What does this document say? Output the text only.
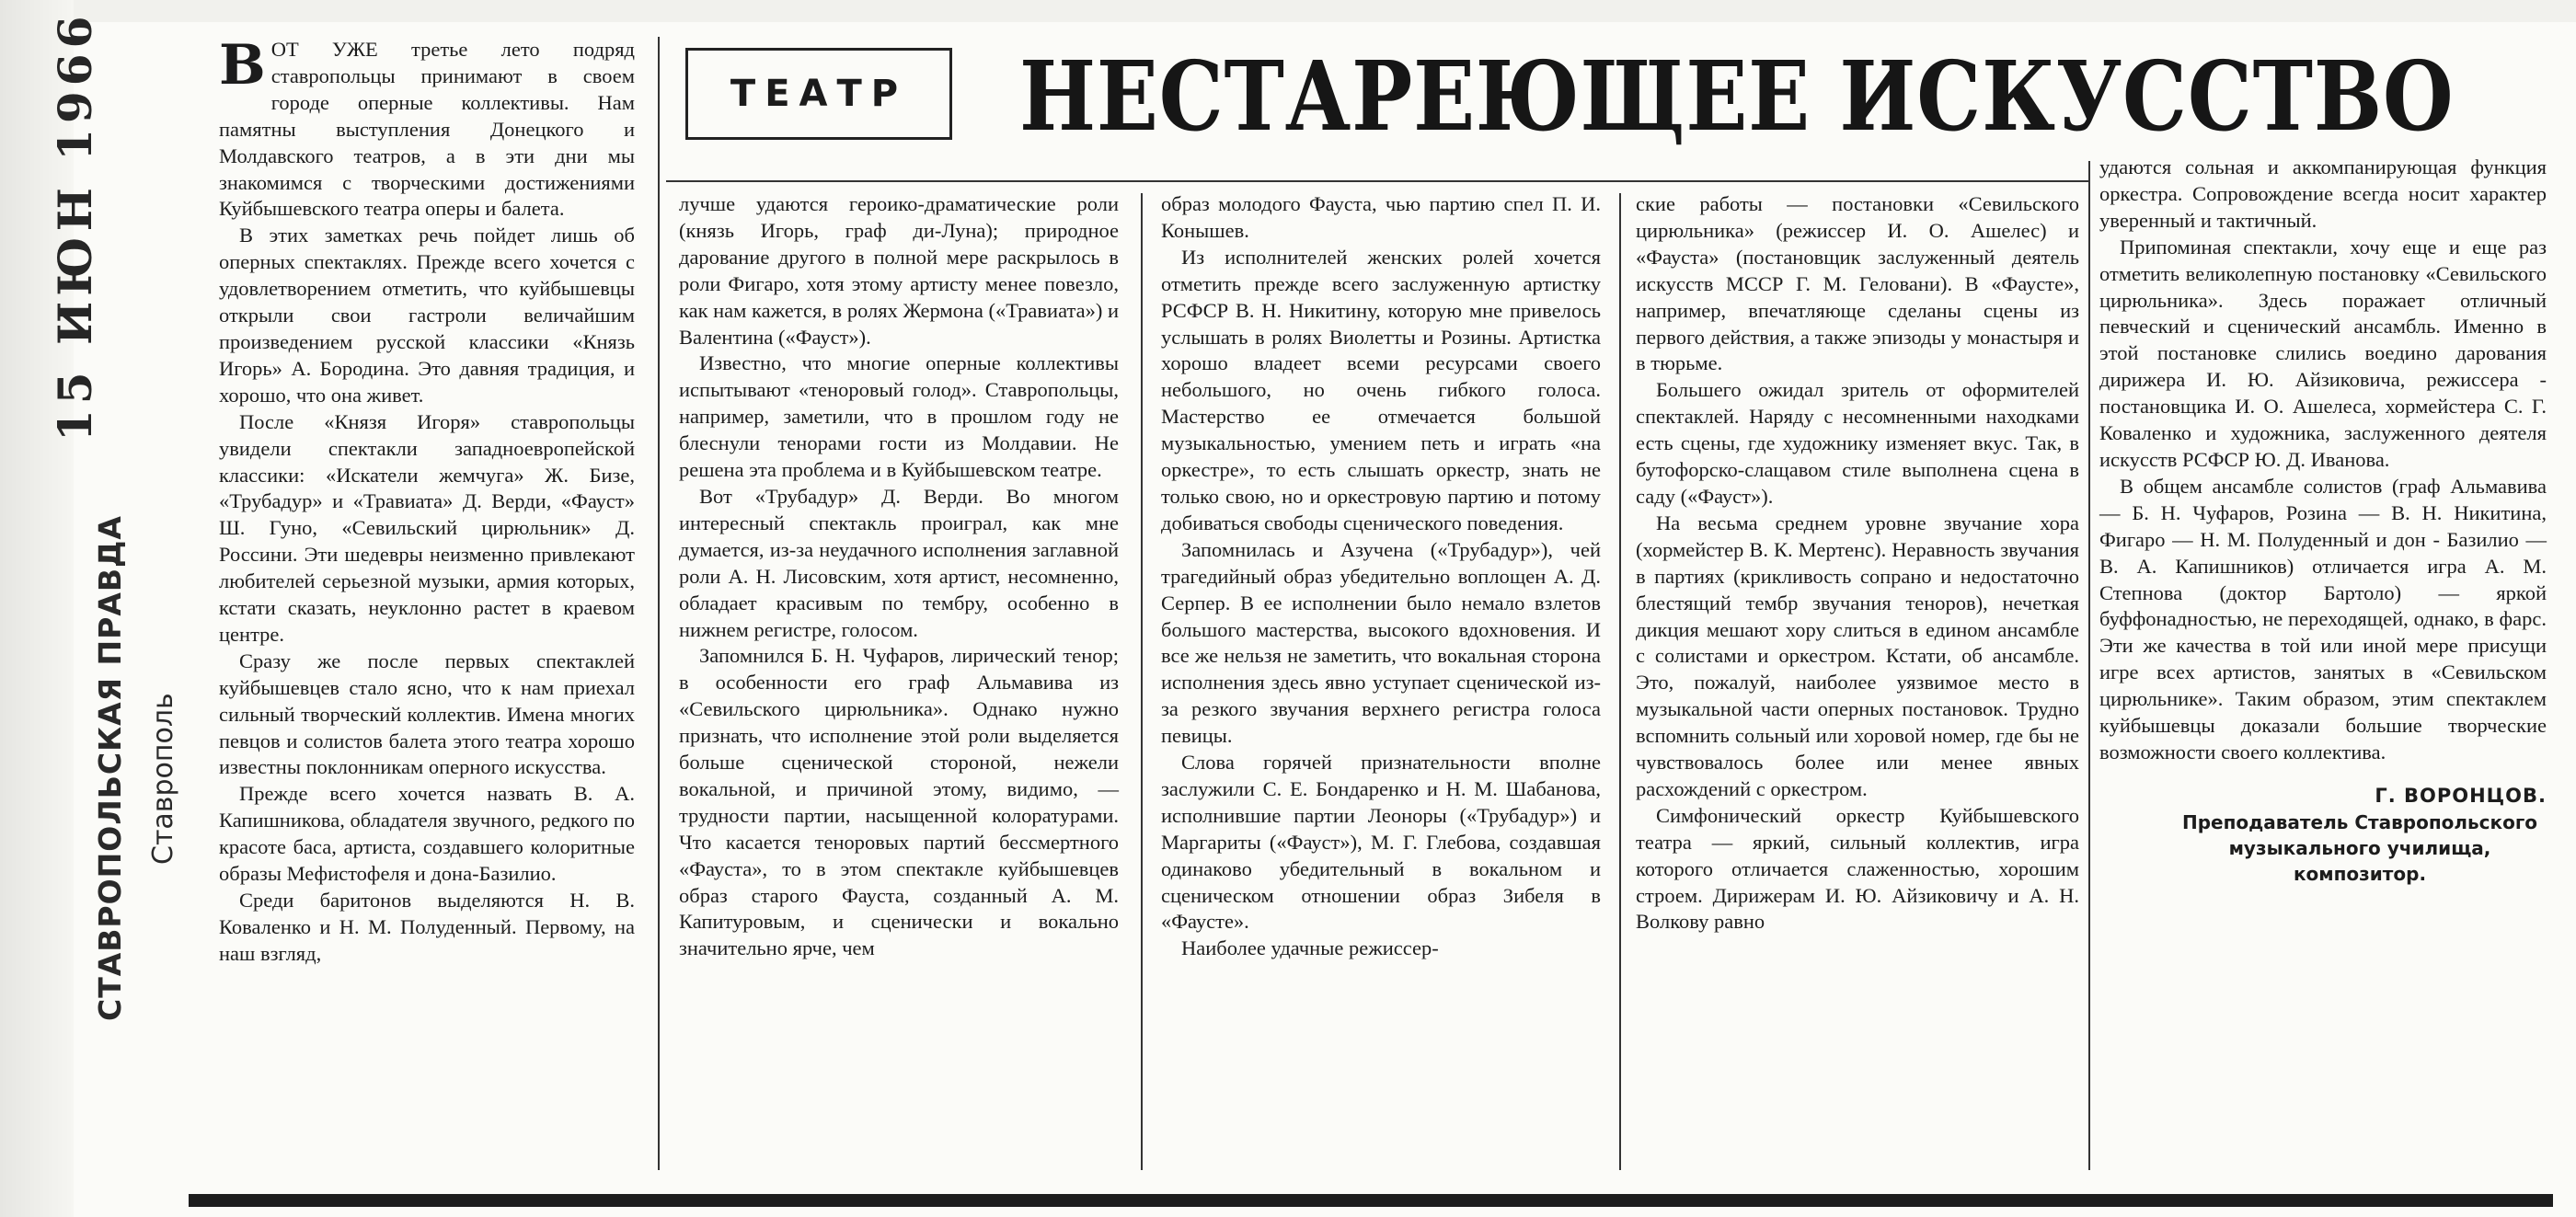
15 ИЮН 1966
СТАВРОПОЛЬСКАЯ ПРАВДА Ставрополь
ТЕАТР	НЕСТАРЕЮЩЕЕ ИСКУССТВО

ВОТ УЖЕ третье лето подряд ставропольцы принимают в своем городе оперные коллективы. Нам памятны выступления Донецкого и Молдавского театров, а в эти дни мы знакомимся с творческими достижениями Куйбышевского театра оперы и балета.

В этих заметках речь пойдет лишь об оперных спектаклях. Прежде всего хочется с удовлетворением отметить, что куйбышевцы открыли свои гастроли величайшим произведением русской классики «Князь Игорь» А. Бородина. Это давняя традиция, и хорошо, что она живет.

После «Князя Игоря» ставропольцы увидели спектакли западноевропейской классики: «Искатели жемчуга» Ж. Бизе, «Трубадур» и «Травиата» Д. Верди, «Фауст» Ш. Гуно, «Севильский цирюльник» Д. Россини. Эти шедевры неизменно привлекают любителей серьезной музыки, армия которых, кстати сказать, неуклонно растет в краевом центре.

Сразу же после первых спектаклей куйбышевцев стало ясно, что к нам приехал сильный творческий коллектив. Имена многих певцов и солистов балета этого театра хорошо известны поклонникам оперного искусства.

Прежде всего хочется назвать В. А. Капишникова, обладателя звучного, редкого по красоте баса, артиста, создавшего колоритные образы Мефистофеля и дона-Базилио.

Среди баритонов выделяются Н. В. Коваленко и Н. М. Полуденный. Первому, на наш взгляд,

лучше удаются героико-драматические роли (князь Игорь, граф ди-Луна); природное дарование другого в полной мере раскрылось в роли Фигаро, хотя этому артисту менее повезло, как нам кажется, в ролях Жермона («Травиата») и Валентина («Фауст»).

Известно, что многие оперные коллективы испытывают «теноровый голод». Ставропольцы, например, заметили, что в прошлом году не блеснули тенорами гости из Молдавии. Не решена эта проблема и в Куйбышевском театре.

Вот «Трубадур» Д. Верди. Во многом интересный спектакль проиграл, как мне думается, из-за неудачного исполнения заглавной роли А. Н. Лисовским, хотя артист, несомненно, обладает красивым по тембру, особенно в нижнем регистре, голосом.

Запомнился Б. Н. Чуфаров, лирический тенор; в особенности его граф Альмавива из «Севильского цирюльника». Однако нужно признать, что исполнение этой роли выделяется больше сценической стороной, нежели вокальной, и причиной этому, видимо, — трудности партии, насыщенной колоратурами. Что касается теноровых партий бессмертного «Фауста», то в этом спектакле куйбышевцев образ старого Фауста, созданный А. М. Капитуровым, и сценически и вокально значительно ярче, чем

образ молодого Фауста, чью партию спел П. И. Конышев.

Из исполнителей женских ролей хочется отметить прежде всего заслуженную артистку РСФСР В. Н. Никитину, которую мне привелось услышать в ролях Виолетты и Розины. Артистка хорошо владеет всеми ресурсами своего небольшого, но очень гибкого голоса. Мастерство ее отмечается большой музыкальностью, умением петь и играть «на оркестре», то есть слышать оркестр, знать не только свою, но и оркестровую партию и потому добиваться свободы сценического поведения.

Запомнилась и Азучена («Трубадур»), чей трагедийный образ убедительно воплощен А. Д. Серпер. В ее исполнении было немало взлетов большого мастерства, высокого вдохновения. И все же нельзя не заметить, что вокальная сторона исполнения здесь явно уступает сценической из-за резкого звучания верхнего регистра голоса певицы.

Слова горячей признательности вполне заслужили С. Е. Бондаренко и Н. М. Шабанова, исполнившие партии Леоноры («Трубадур») и Маргариты («Фауст»), М. Г. Глебова, создавшая одинаково убедительный в вокальном и сценическом отношении образ Зибеля в «Фаусте».

Наиболее удачные режиссер-

ские работы — постановки «Севильского цирюльника» (режиссер И. О. Ашелес) и «Фауста» (постановщик заслуженный деятель искусств МССР Г. М. Геловани). В «Фаусте», например, впечатляюще сделаны сцены из первого действия, а также эпизоды у монастыря и в тюрьме.

Большего ожидал зритель от оформителей спектаклей. Наряду с несомненными находками есть сцены, где художнику изменяет вкус. Так, в бутофорско-слащавом стиле выполнена сцена в саду («Фауст»).

На весьма среднем уровне звучание хора (хормейстер В. К. Мертенс). Неравность звучания в партиях (крикливость сопрано и недостаточно блестящий тембр звучания теноров), нечеткая дикция мешают хору слиться в едином ансамбле с солистами и оркестром. Кстати, об ансамбле. Это, пожалуй, наиболее уязвимое место в музыкальной части оперных постановок. Трудно вспомнить сольный или хоровой номер, где бы не чувствовалось более или менее явных расхождений с оркестром.

Симфонический оркестр Куйбышевского театра — яркий, сильный коллектив, игра которого отличается слаженностью, хорошим строем. Дирижерам И. Ю. Айзиковичу и А. Н. Волкову равно

удаются сольная и аккомпанирующая функция оркестра. Сопровождение всегда носит характер уверенный и тактичный.

Припоминая спектакли, хочу еще и еще раз отметить великолепную постановку «Севильского цирюльника». Здесь поражает отличный певческий и сценический ансамбль. Именно в этой постановке слились воедино дарования дирижера И. Ю. Айзиковича, режиссера - постановщика И. О. Ашелеса, хормейстера С. Г. Коваленко и художника, заслуженного деятеля искусств РСФСР Ю. Д. Иванова.

В общем ансамбле солистов (граф Альмавива — Б. Н. Чуфаров, Розина — В. Н. Никитина, Фигаро — Н. М. Полуденный и дон - Базилио — В. А. Капишников) отличается игра А. М. Степнова (доктор Бартоло) — яркой буффонадностью, не переходящей, однако, в фарс. Эти же качества в той или иной мере присущи игре всех артистов, занятых в «Севильском цирюльнике». Таким образом, этим спектаклем куйбышевцы доказали большие творческие возможности своего коллектива.

Г. ВОРОНЦОВ.
Преподаватель Ставропольского музыкального училища, композитор.
